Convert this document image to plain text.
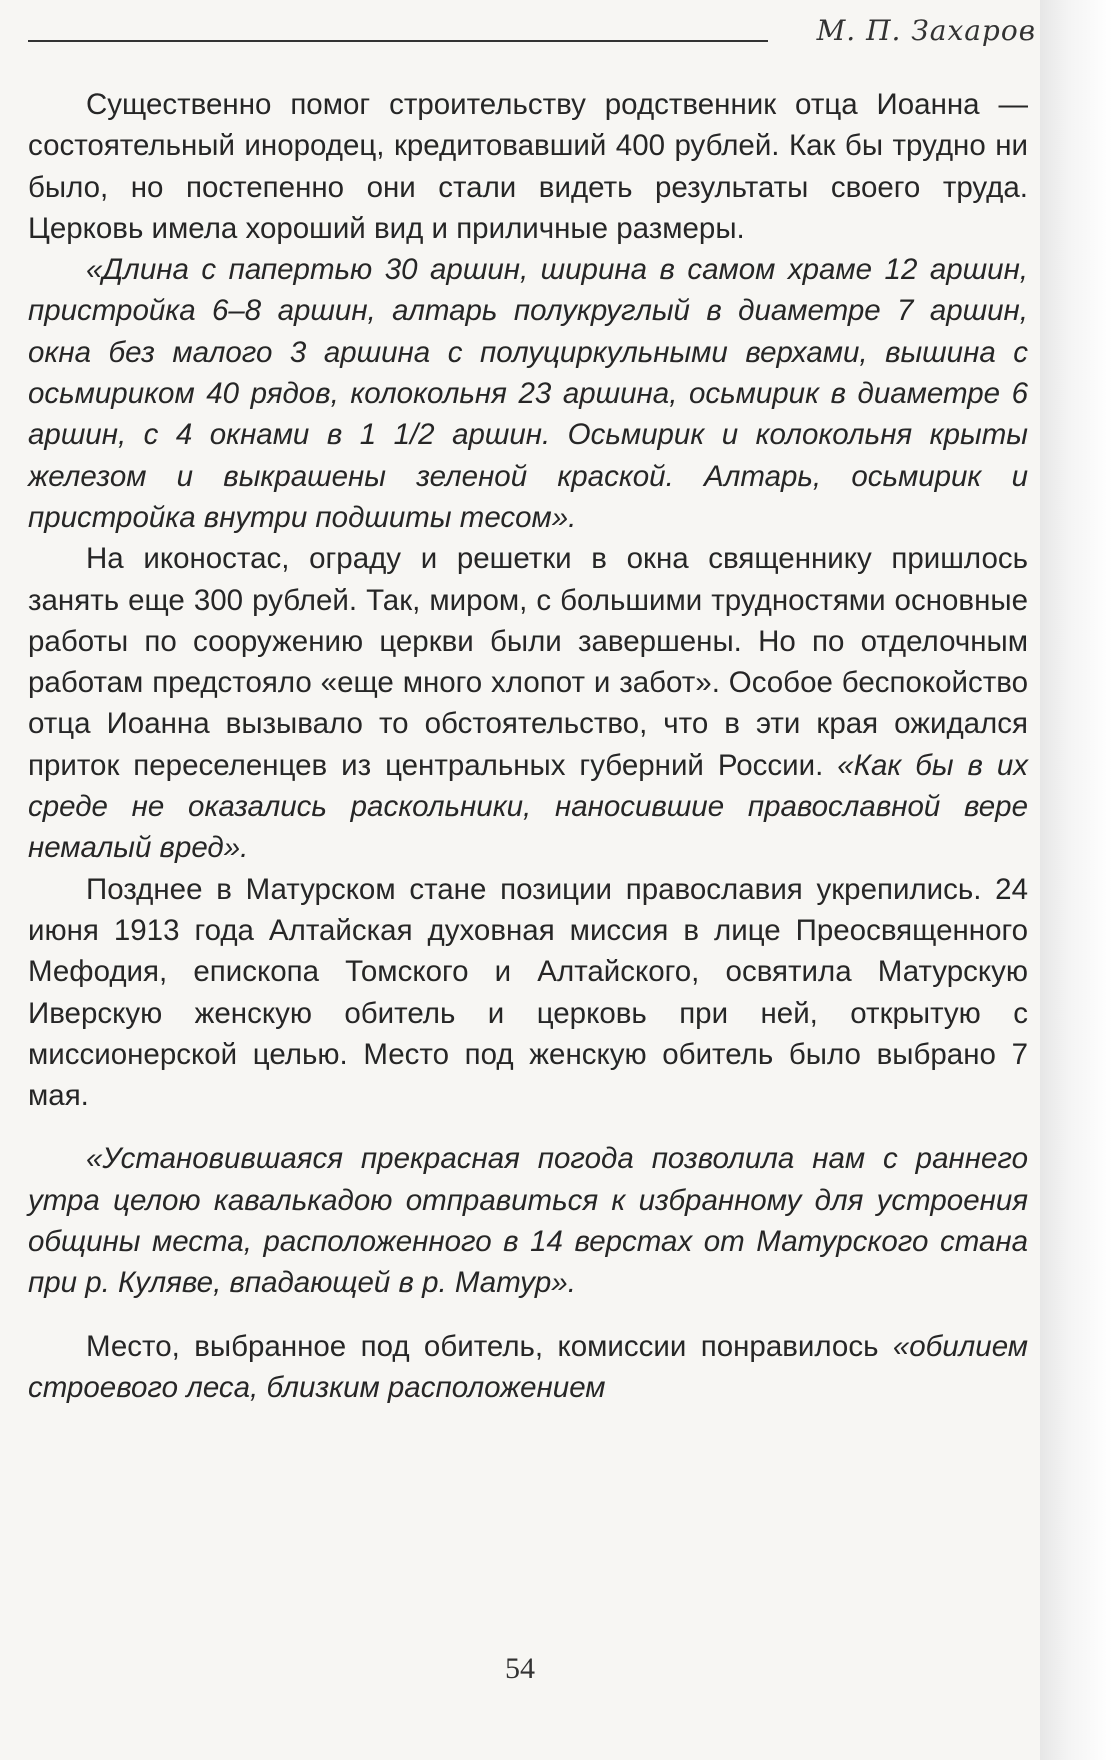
М. П. Захаров

Существенно помог строительству родственник отца Иоанна — состоятельный инородец, кредитовавший 400 рублей. Как бы трудно ни было, но постепенно они стали видеть результаты своего труда. Церковь имела хороший вид и приличные размеры.

«Длина с папертью 30 аршин, ширина в самом храме 12 аршин, пристройка 6–8 аршин, алтарь полукруглый в диаметре 7 аршин, окна без малого 3 аршина с полуциркульными верхами, вышина с осьмириком 40 рядов, колокольня 23 аршина, осьмирик в диаметре 6 аршин, с 4 окнами в 1 1/2 аршин. Осьмирик и колокольня крыты железом и выкрашены зеленой краской. Алтарь, осьмирик и пристройка внутри подшиты тесом».

На иконостас, ограду и решетки в окна священнику пришлось занять еще 300 рублей. Так, миром, с большими трудностями основные работы по сооружению церкви были завершены. Но по отделочным работам предстояло «еще много хлопот и забот». Особое беспокойство отца Иоанна вызывало то обстоятельство, что в эти края ожидался приток переселенцев из центральных губерний России. «Как бы в их среде не оказались раскольники, наносившие православной вере немалый вред».

Позднее в Матурском стане позиции православия укрепились. 24 июня 1913 года Алтайская духовная миссия в лице Преосвященного Мефодия, епископа Томского и Алтайского, освятила Матурскую Иверскую женскую обитель и церковь при ней, открытую с миссионерской целью. Место под женскую обитель было выбрано 7 мая.

«Установившаяся прекрасная погода позволила нам с раннего утра целою кавалькадою отправиться к избранному для устроения общины места, расположенного в 14 верстах от Матурского стана при р. Куляве, впадающей в р. Матур».

Место, выбранное под обитель, комиссии понравилось «обилием строевого леса, близким расположением

54
